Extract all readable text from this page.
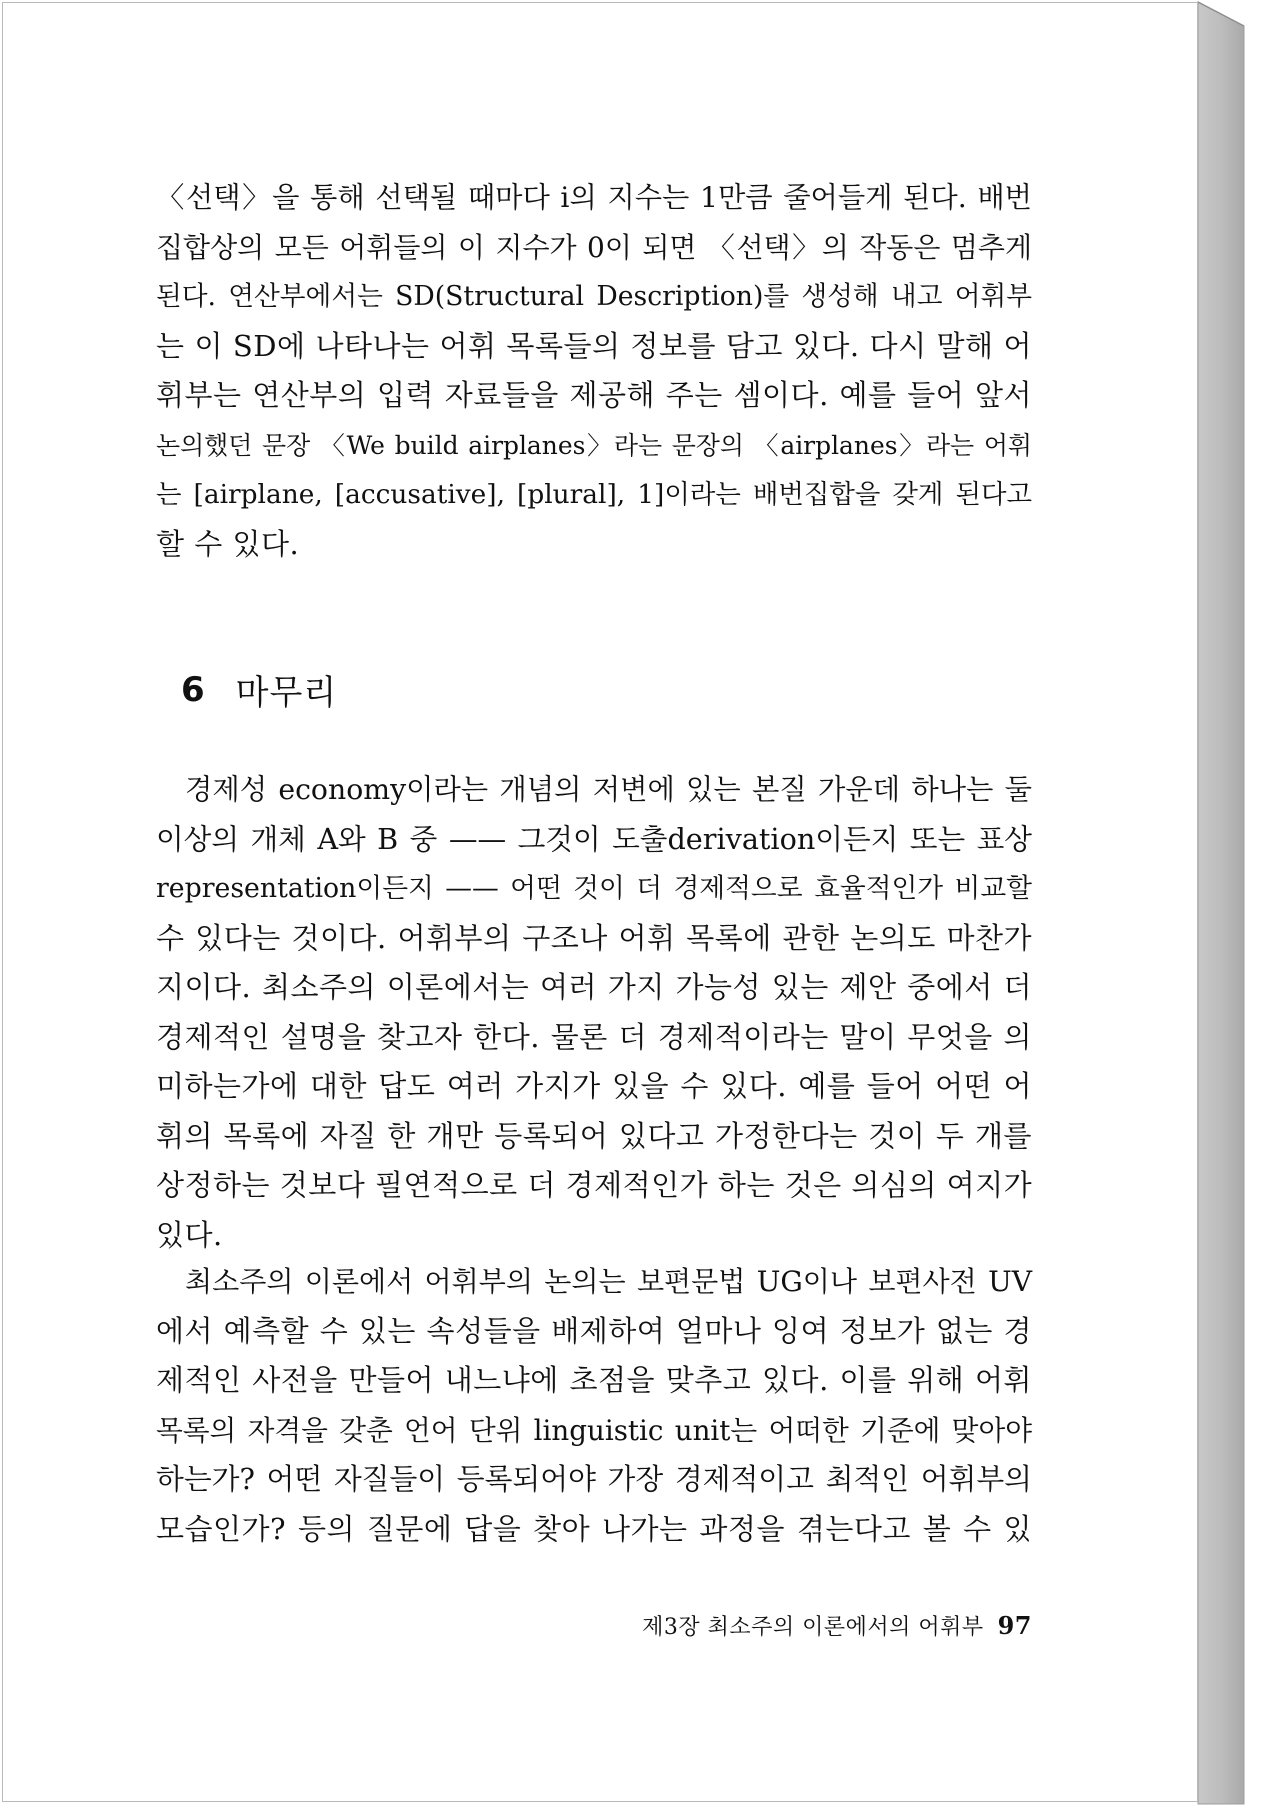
〈선택〉을 통해 선택될 때마다 i의 지수는 1만큼 줄어들게 된다. 배번
집합상의 모든 어휘들의 이 지수가 0이 되면 〈선택〉의 작동은 멈추게
된다. 연산부에서는 SD(Structural Description)를 생성해 내고 어휘부
는 이 SD에 나타나는 어휘 목록들의 정보를 담고 있다. 다시 말해 어
휘부는 연산부의 입력 자료들을 제공해 주는 셈이다. 예를 들어 앞서
논의했던 문장 〈We build airplanes〉라는 문장의 〈airplanes〉라는 어휘
는 [airplane, [accusative], [plural], 1]이라는 배번집합을 갖게 된다고
할 수 있다.
6 마무리
경제성 economy이라는 개념의 저변에 있는 본질 가운데 하나는 둘
이상의 개체 A와 B 중 —— 그것이 도출derivation이든지 또는 표상
representation이든지 —— 어떤 것이 더 경제적으로 효율적인가 비교할
수 있다는 것이다. 어휘부의 구조나 어휘 목록에 관한 논의도 마찬가
지이다. 최소주의 이론에서는 여러 가지 가능성 있는 제안 중에서 더
경제적인 설명을 찾고자 한다. 물론 더 경제적이라는 말이 무엇을 의
미하는가에 대한 답도 여러 가지가 있을 수 있다. 예를 들어 어떤 어
휘의 목록에 자질 한 개만 등록되어 있다고 가정한다는 것이 두 개를
상정하는 것보다 필연적으로 더 경제적인가 하는 것은 의심의 여지가
있다.
최소주의 이론에서 어휘부의 논의는 보편문법 UG이나 보편사전 UV
에서 예측할 수 있는 속성들을 배제하여 얼마나 잉여 정보가 없는 경
제적인 사전을 만들어 내느냐에 초점을 맞추고 있다. 이를 위해 어휘
목록의 자격을 갖춘 언어 단위 linguistic unit는 어떠한 기준에 맞아야
하는가? 어떤 자질들이 등록되어야 가장 경제적이고 최적인 어휘부의
모습인가? 등의 질문에 답을 찾아 나가는 과정을 겪는다고 볼 수 있
제3장 최소주의 이론에서의 어휘부 97
